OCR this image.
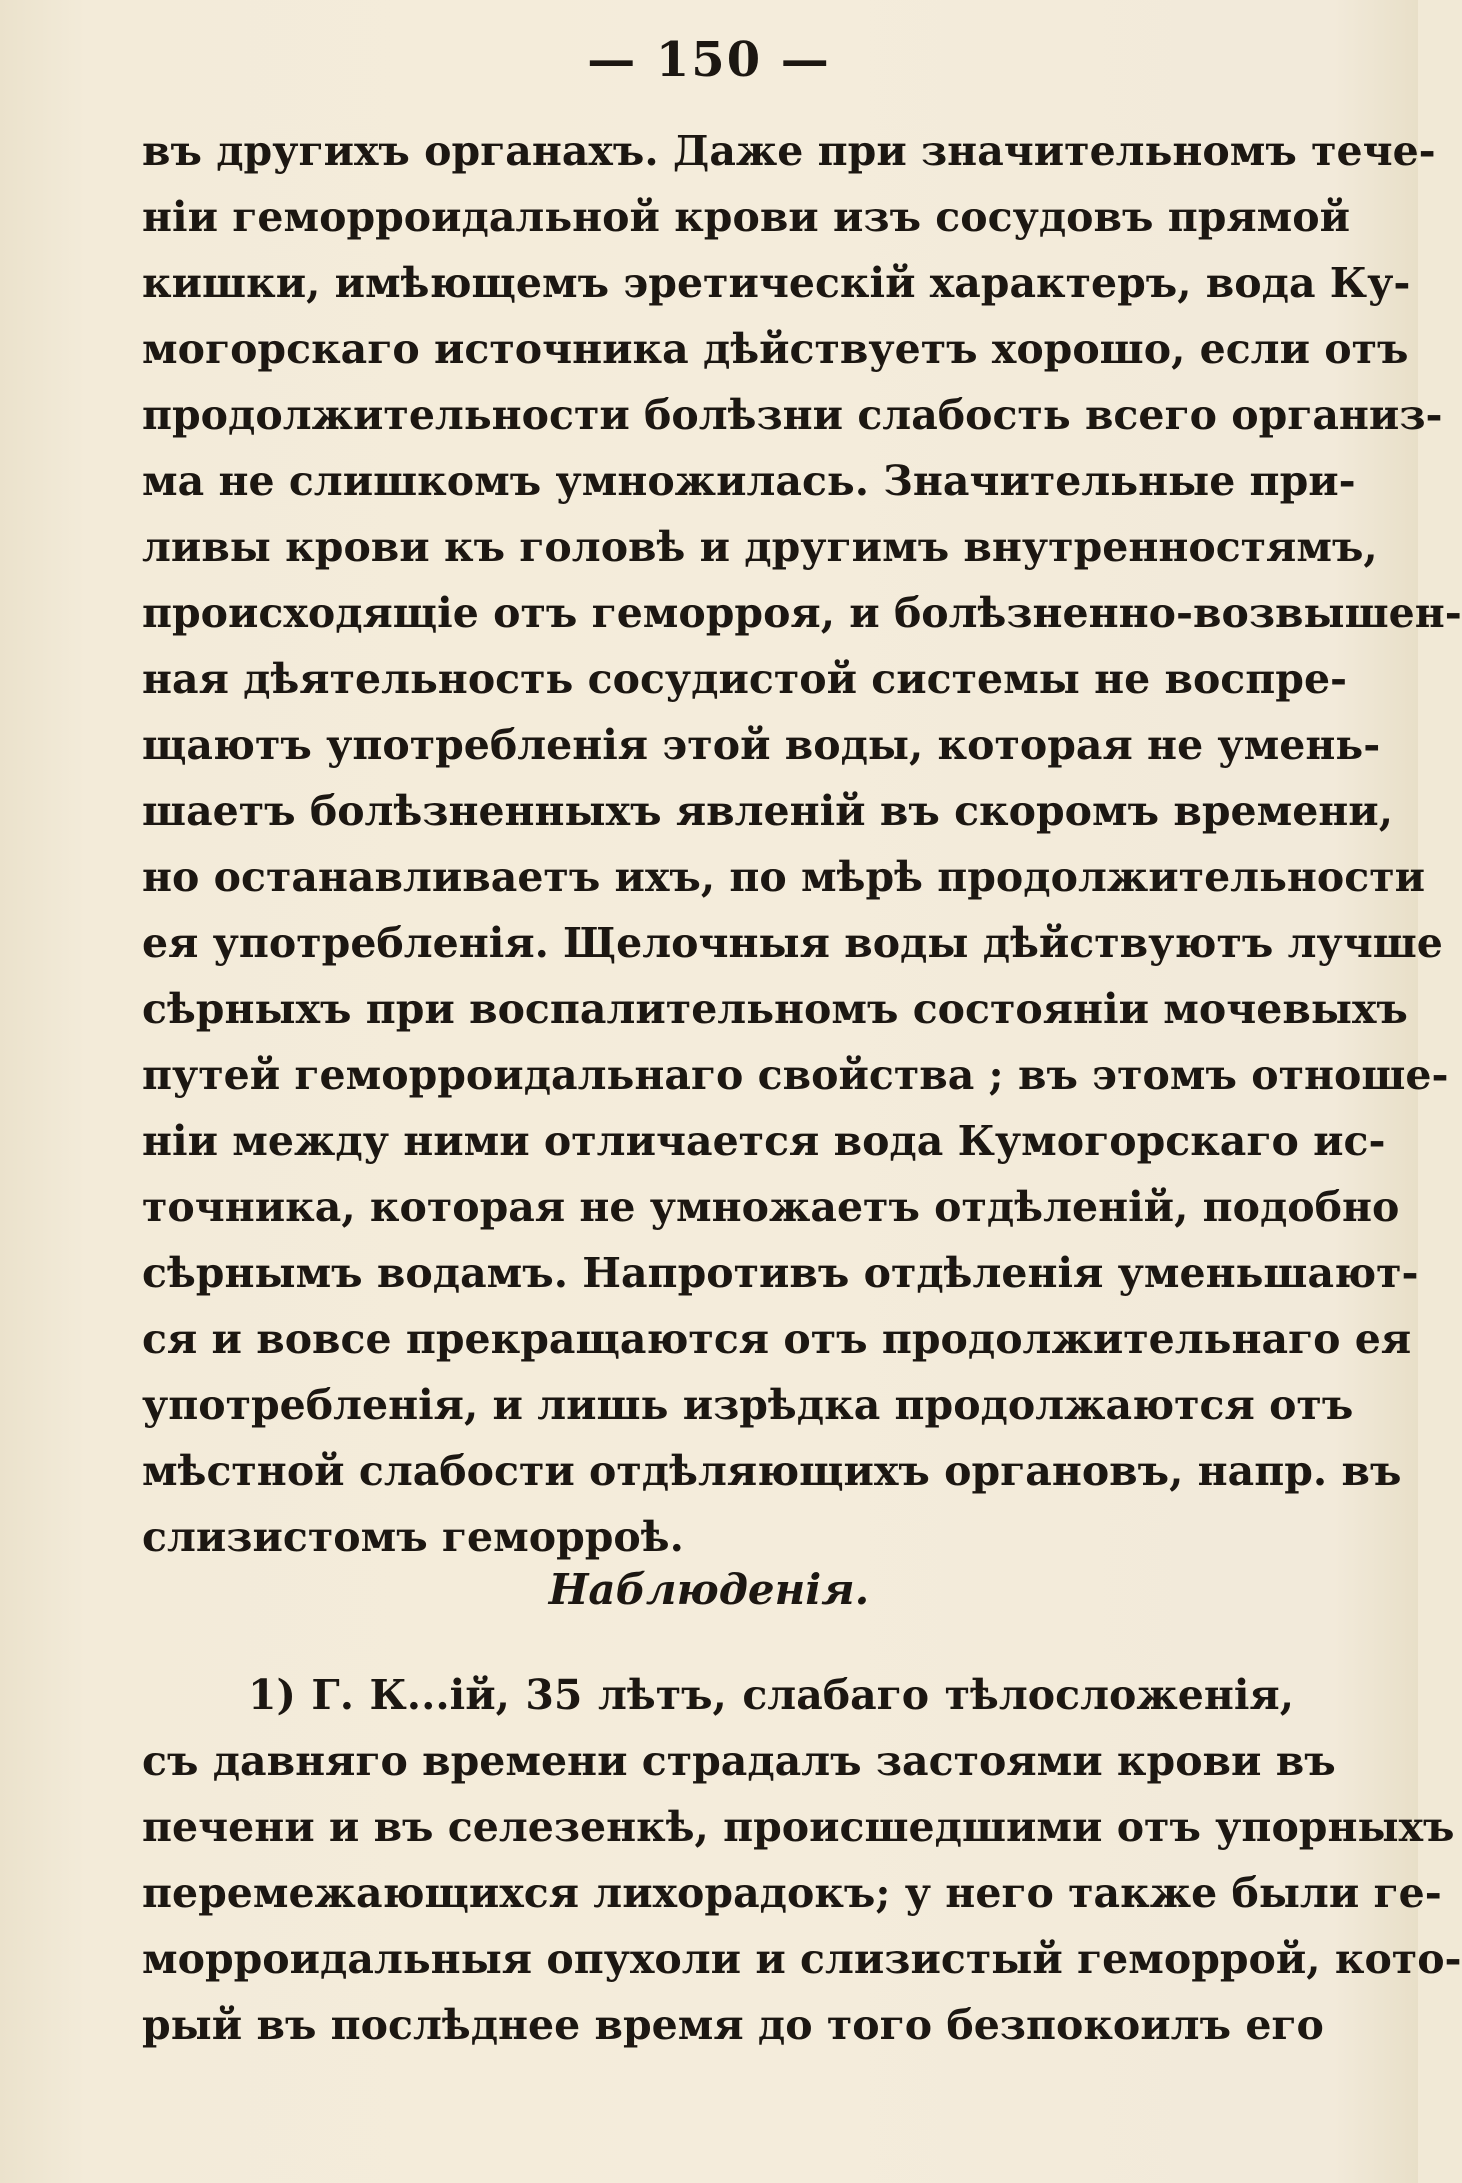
— 150 —
въ другихъ органахъ. Даже при значительномъ тече-
ніи геморроидальной крови изъ сосудовъ прямой
кишки, имѣющемъ эретическій характеръ, вода Ку-
могорскаго источника дѣйствуетъ хорошо, если отъ
продолжительности болѣзни слабость всего организ-
ма не слишкомъ умножилась. Значительные при-
ливы крови къ головѣ и другимъ внутренностямъ,
происходящіе отъ геморроя, и болѣзненно-возвышен-
ная дѣятельность сосудистой системы не воспре-
щаютъ употребленія этой воды, которая не умень-
шаетъ болѣзненныхъ явленій въ скоромъ времени,
но останавливаетъ ихъ, по мѣрѣ продолжительности
ея употребленія. Щелочныя воды дѣйствуютъ лучше
сѣрныхъ при воспалительномъ состояніи мочевыхъ
путей геморроидальнаго свойства ; въ этомъ отноше-
ніи между ними отличается вода Кумогорскаго ис-
точника, которая не умножаетъ отдѣленій, подобно
сѣрнымъ водамъ. Напротивъ отдѣленія уменьшают-
ся и вовсе прекращаются отъ продолжительнаго ея
употребленія, и лишь изрѣдка продолжаются отъ
мѣстной слабости отдѣляющихъ органовъ, напр. въ
слизистомъ геморроѣ.
Наблюденія.
1) Г. К...ій, 35 лѣтъ, слабаго тѣлосложенія,
съ давняго времени страдалъ застоями крови въ
печени и въ селезенкѣ, происшедшими отъ упорныхъ
перемежающихся лихорадокъ; у него также были ге-
морроидальныя опухоли и слизистый геморрой, кото-
рый въ послѣднее время до того безпокоилъ его
